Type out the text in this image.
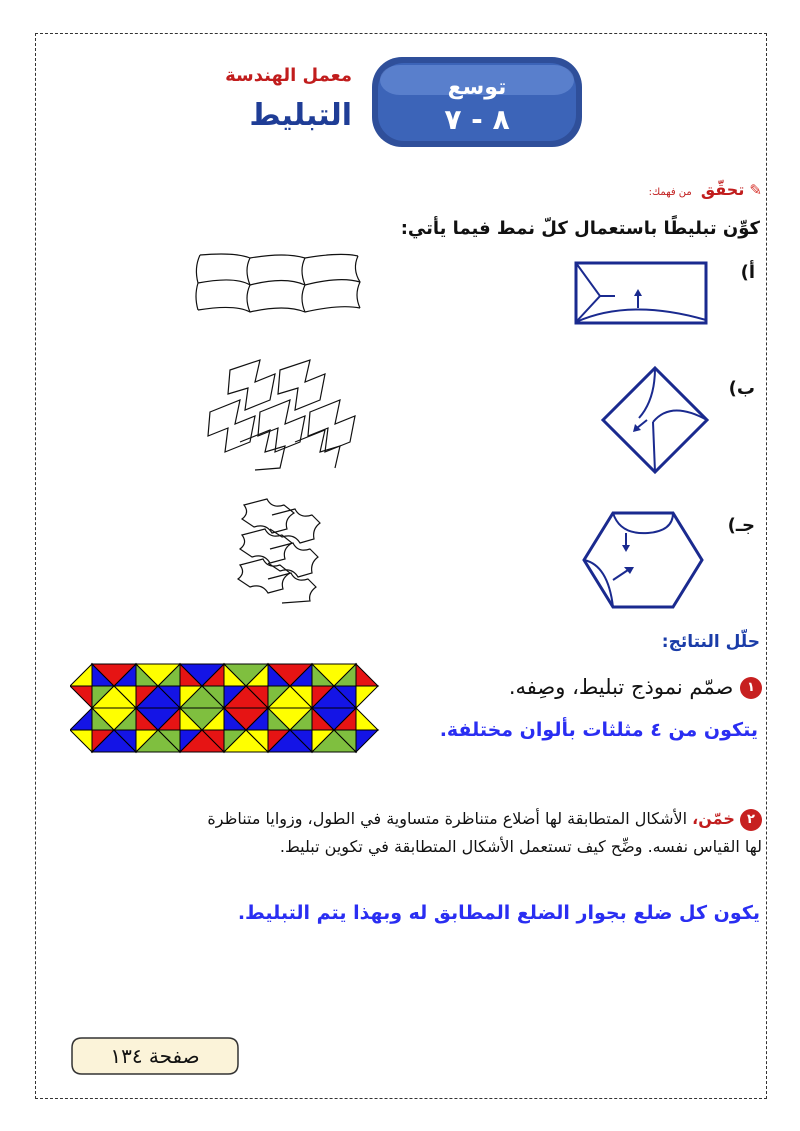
توسع
٨ - ٧
معمل الهندسة
التبليط
✎ تحقّق من فهمك:
كوِّن تبليطًا باستعمال كلّ نمط فيما يأتي:
أ)
ب)
جـ)
حلّل النتائج:
١ صمّم نموذج تبليط، وصِفه.
يتكون من ٤ مثلثات بألوان مختلفة.
٢ خمّن، الأشكال المتطابقة لها أضلاع متناظرة متساوية في الطول، وزوايا متناظرة
لها القياس نفسه. وضِّح كيف تستعمل الأشكال المتطابقة في تكوين تبليط.
يكون كل ضلع بجوار الضلع المطابق له وبهذا يتم التبليط.
صفحة ١٣٤
